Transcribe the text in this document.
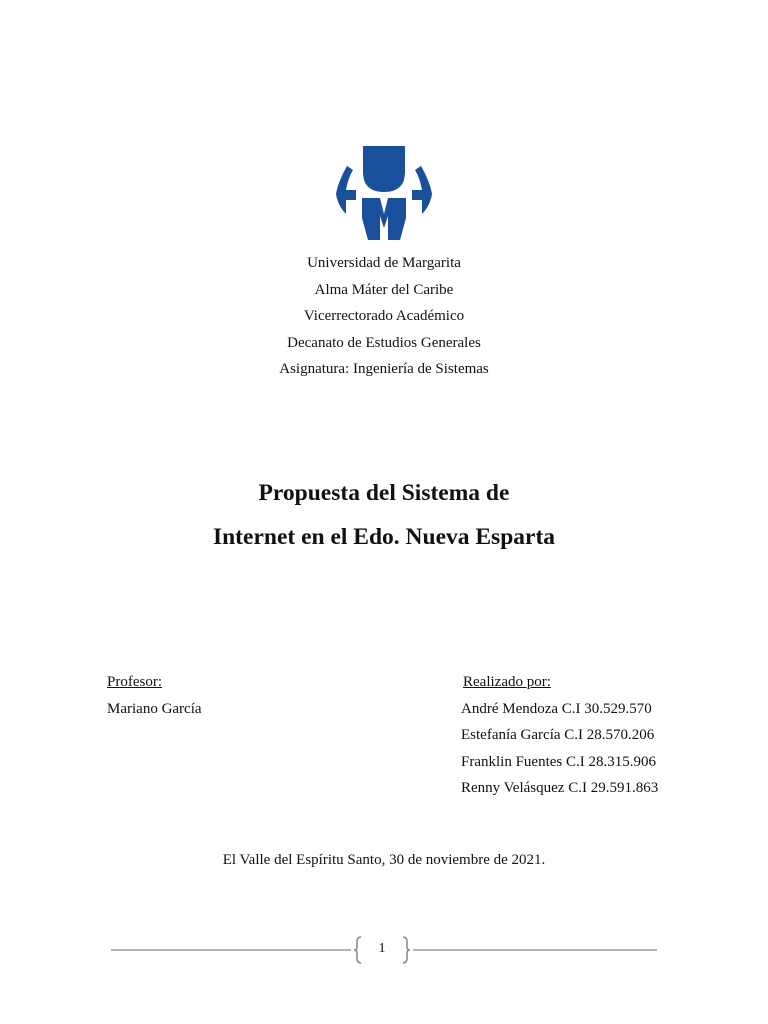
Universidad de Margarita
Alma Máter del Caribe
Vicerrectorado Académico
Decanato de Estudios Generales
Asignatura: Ingeniería de Sistemas
Propuesta del Sistema de
Internet en el Edo. Nueva Esparta
Profesor:
Mariano García
Realizado por:
André Mendoza C.I 30.529.570
Estefanía García C.I 28.570.206
Franklin Fuentes C.I 28.315.906
Renny Velásquez C.I 29.591.863
El Valle del Espíritu Santo, 30 de noviembre de 2021.
1
